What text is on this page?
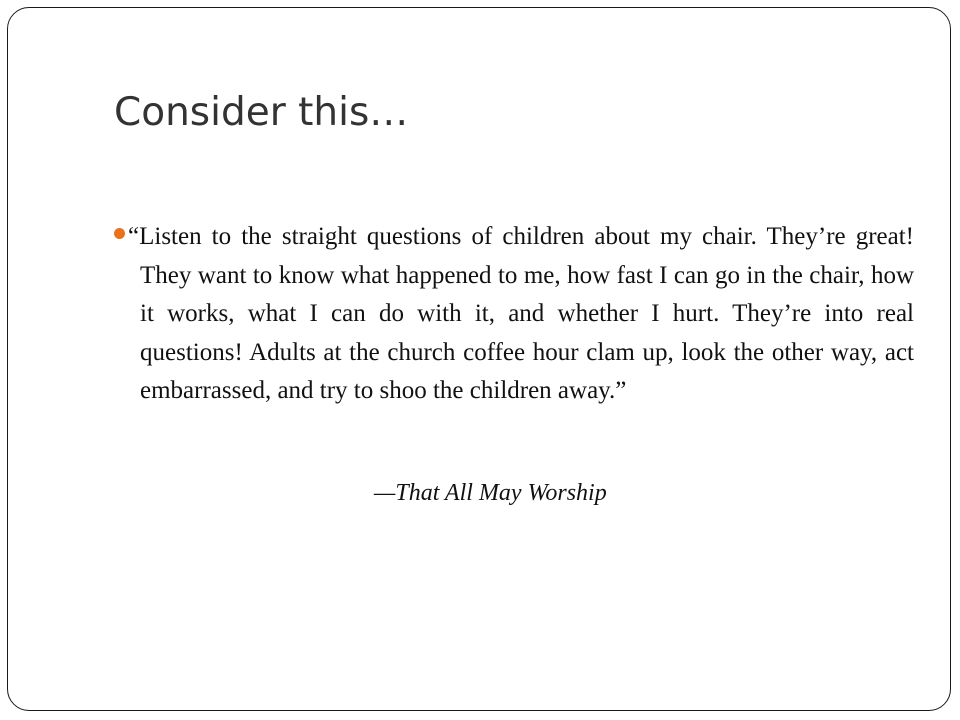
Consider this…

“Listen to the straight questions of children about my chair. They’re great! They want to know what happened to me, how fast I can go in the chair, how it works, what I can do with it, and whether I hurt. They’re into real questions! Adults at the church coffee hour clam up, look the other way, act embarrassed, and try to shoo the children away.”

—That All May Worship
